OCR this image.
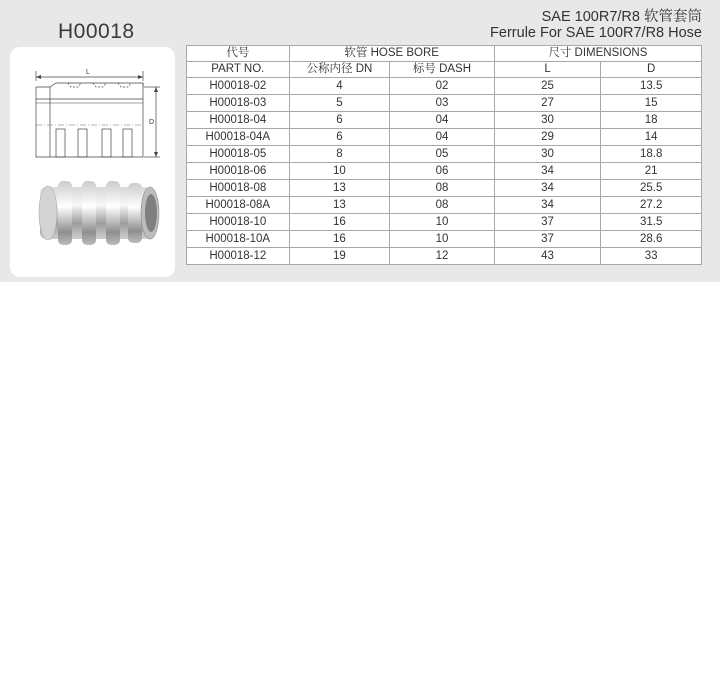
H00018
SAE 100R7/R8 软管套筒
Ferrule For SAE 100R7/R8 Hose
L
D
代号	软管 HOSE BORE		尺寸 DIMENSIONS	
PART NO.	公称内径 DN	标号 DASH	L	D
H00018-02	4	02	25	13.5
H00018-03	5	03	27	15
H00018-04	6	04	30	18
H00018-04A	6	04	29	14
H00018-05	8	05	30	18.8
H00018-06	10	06	34	21
H00018-08	13	08	34	25.5
H00018-08A	13	08	34	27.2
H00018-10	16	10	37	31.5
H00018-10A	16	10	37	28.6
H00018-12	19	12	43	33
